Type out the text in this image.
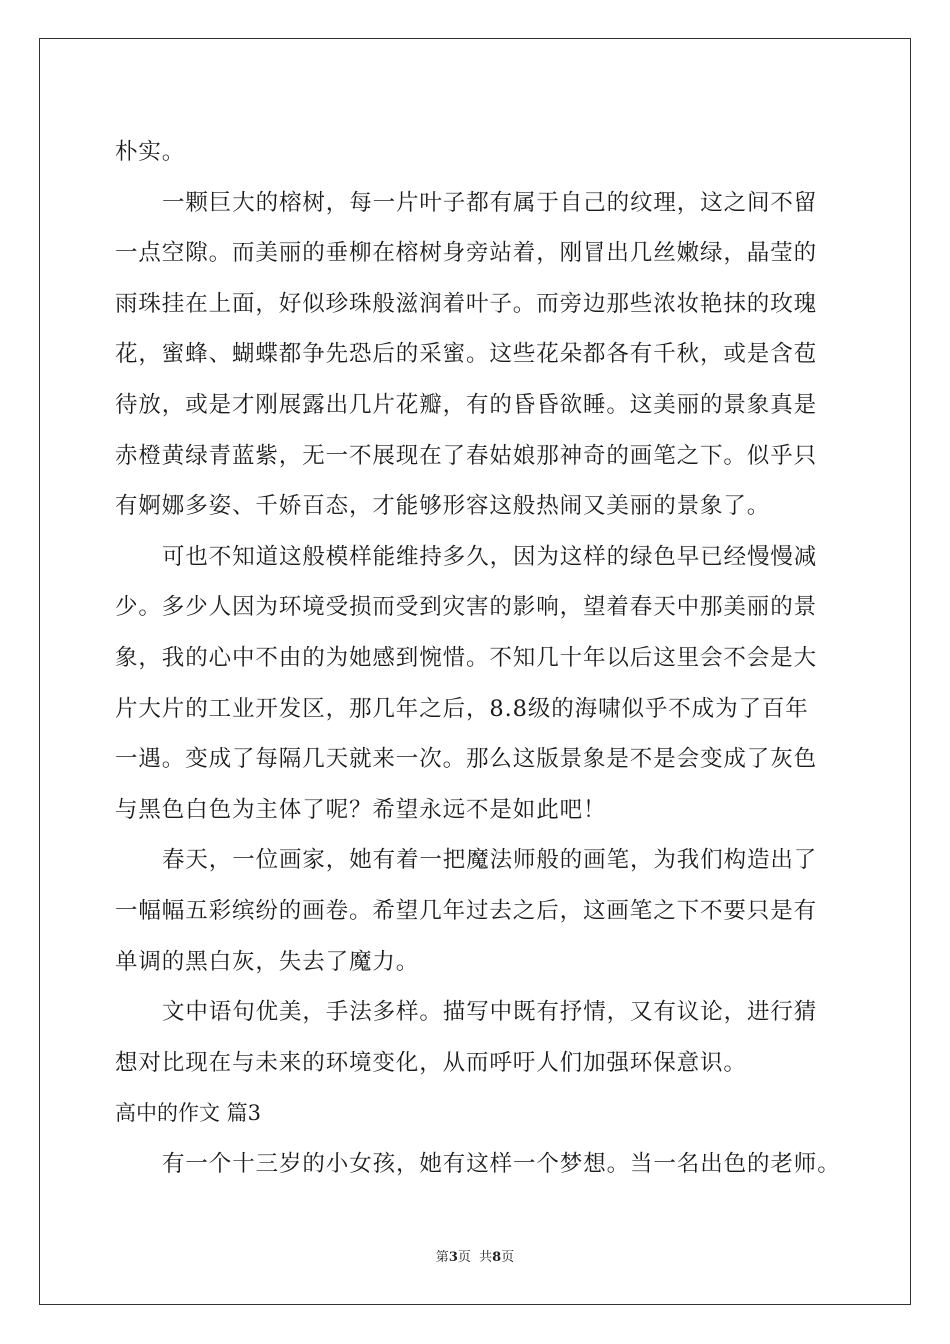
朴实。
一颗巨大的榕树，每一片叶子都有属于自己的纹理，这之间不留
一点空隙。而美丽的垂柳在榕树身旁站着，刚冒出几丝嫩绿，晶莹的
雨珠挂在上面，好似珍珠般滋润着叶子。而旁边那些浓妆艳抹的玫瑰
花，蜜蜂、蝴蝶都争先恐后的采蜜。这些花朵都各有千秋，或是含苞
待放，或是才刚展露出几片花瓣，有的昏昏欲睡。这美丽的景象真是
赤橙黄绿青蓝紫，无一不展现在了春姑娘那神奇的画笔之下。似乎只
有婀娜多姿、千娇百态，才能够形容这般热闹又美丽的景象了。
可也不知道这般模样能维持多久，因为这样的绿色早已经慢慢减
少。多少人因为环境受损而受到灾害的影响，望着春天中那美丽的景
象，我的心中不由的为她感到惋惜。不知几十年以后这里会不会是大
片大片的工业开发区，那几年之后，8.8级的海啸似乎不成为了百年
一遇。变成了每隔几天就来一次。那么这版景象是不是会变成了灰色
与黑色白色为主体了呢？希望永远不是如此吧！
春天，一位画家，她有着一把魔法师般的画笔，为我们构造出了
一幅幅五彩缤纷的画卷。希望几年过去之后，这画笔之下不要只是有
单调的黑白灰，失去了魔力。
文中语句优美，手法多样。描写中既有抒情，又有议论，进行猜
想对比现在与未来的环境变化，从而呼吁人们加强环保意识。
高中的作文 篇3
有一个十三岁的小女孩，她有这样一个梦想。当一名出色的老师。
第3页  共8页
